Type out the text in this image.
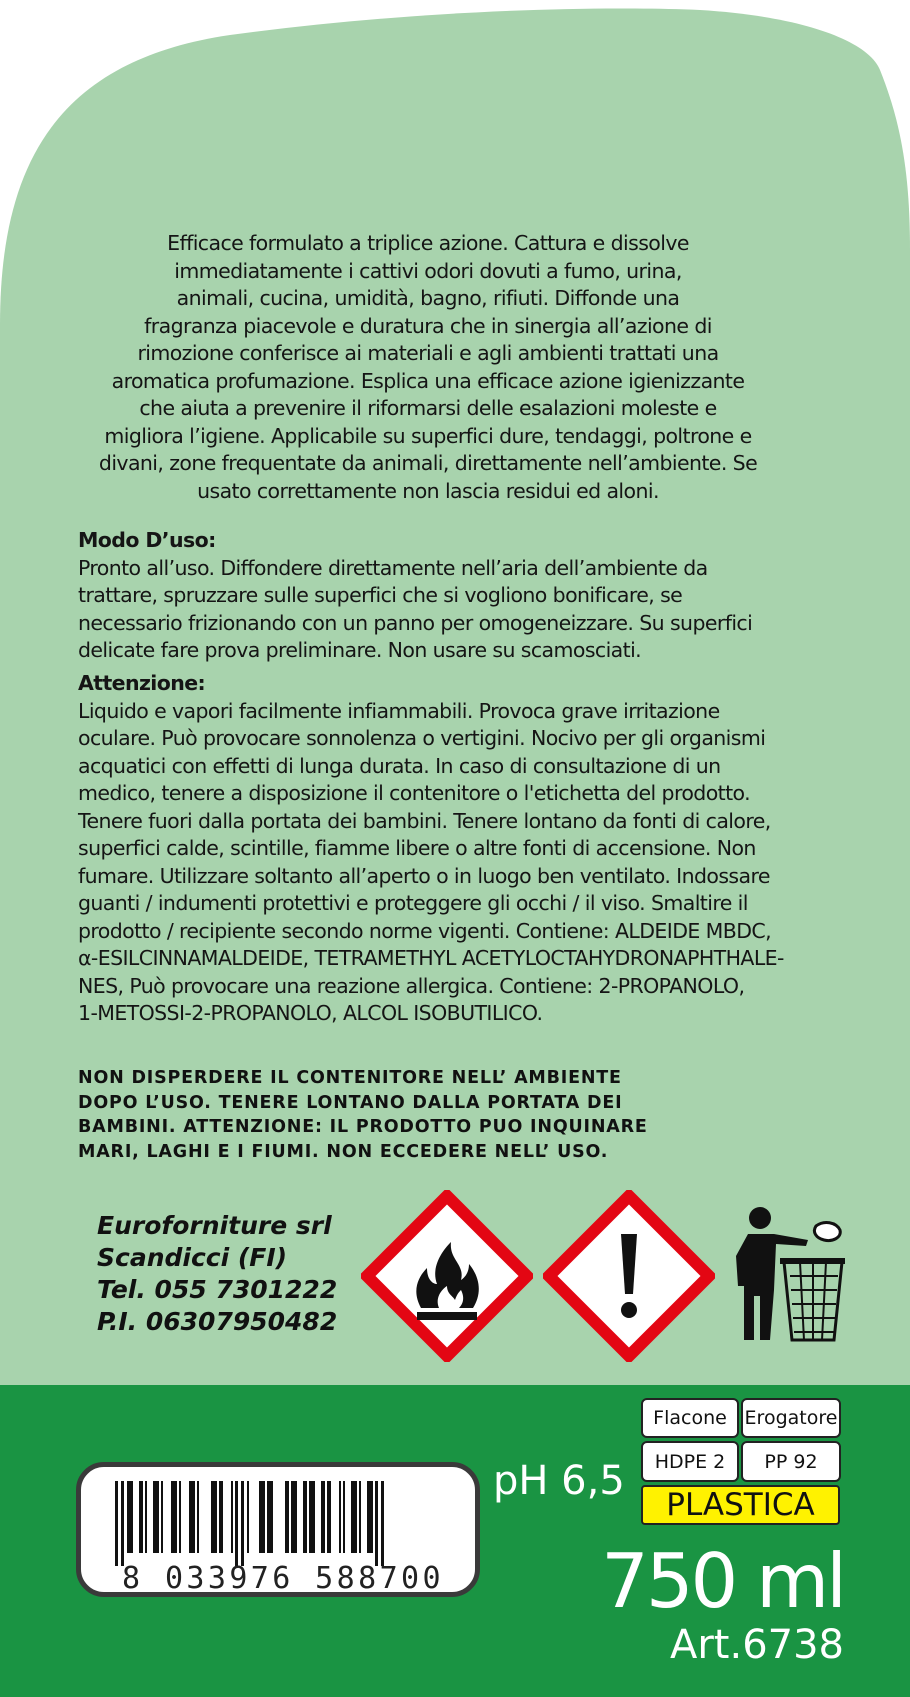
Efficace formulato a triplice azione. Cattura e dissolve
immediatamente i cattivi odori dovuti a fumo, urina,
animali, cucina, umidità, bagno, rifiuti. Diffonde una
fragranza piacevole e duratura che in sinergia all’azione di
rimozione conferisce ai materiali e agli ambienti trattati una
aromatica profumazione. Esplica una efficace azione igienizzante
che aiuta a prevenire il riformarsi delle esalazioni moleste e
migliora l’igiene. Applicabile su superfici dure, tendaggi, poltrone e
divani, zone frequentate da animali, direttamente nell’ambiente. Se
usato correttamente non lascia residui ed aloni.
Modo D’uso:
Pronto all’uso. Diffondere direttamente nell’aria dell’ambiente da
trattare, spruzzare sulle superfici che si vogliono bonificare, se
necessario frizionando con un panno per omogeneizzare. Su superfici
delicate fare prova preliminare. Non usare su scamosciati.
Attenzione:
Liquido e vapori facilmente infiammabili. Provoca grave irritazione
oculare. Può provocare sonnolenza o vertigini. Nocivo per gli organismi
acquatici con effetti di lunga durata. In caso di consultazione di un
medico, tenere a disposizione il contenitore o l'etichetta del prodotto.
Tenere fuori dalla portata dei bambini. Tenere lontano da fonti di calore,
superfici calde, scintille, fiamme libere o altre fonti di accensione. Non
fumare. Utilizzare soltanto all’aperto o in luogo ben ventilato. Indossare
guanti / indumenti protettivi e proteggere gli occhi / il viso. Smaltire il
prodotto / recipiente secondo norme vigenti. Contiene: ALDEIDE MBDC,
α-ESILCINNAMALDEIDE, TETRAMETHYL ACETYLOCTAHYDRONAPHTHALE-
NES, Può provocare una reazione allergica. Contiene: 2-PROPANOLO,
1-METOSSI-2-PROPANOLO, ALCOL ISOBUTILICO.
NON DISPERDERE IL CONTENITORE NELL’ AMBIENTE
DOPO L’USO. TENERE LONTANO DALLA PORTATA DEI
BAMBINI. ATTENZIONE: IL PRODOTTO PUO INQUINARE
MARI, LAGHI E I FIUMI. NON ECCEDERE NELL’ USO.
Euroforniture srl
Scandicci (FI)
Tel. 055 7301222
P.I. 06307950482
8 033976 588700
pH 6,5
Flacone Erogatore
HDPE 2	PP 92
PLASTICA
750 ml
Art.6738
